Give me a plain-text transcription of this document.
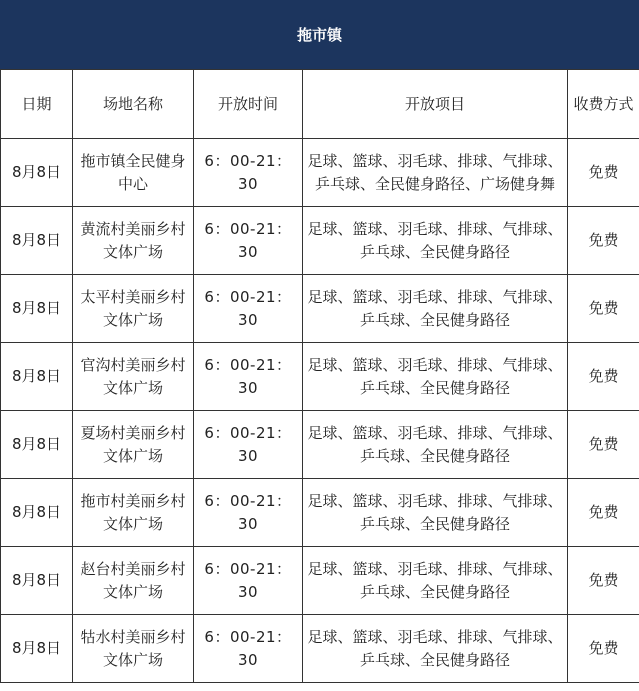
拖市镇
日期	场地名称	开放时间	开放项目	收费方式
8月8日	拖市镇全民健身中心	6：00-21：30	足球、篮球、羽毛球、排球、气排球、乒乓球、全民健身路径、广场健身舞	免费
8月8日	黄流村美丽乡村文体广场	6：00-21：30	足球、篮球、羽毛球、排球、气排球、乒乓球、全民健身路径	免费
8月8日	太平村美丽乡村文体广场	6：00-21：30	足球、篮球、羽毛球、排球、气排球、乒乓球、全民健身路径	免费
8月8日	官沟村美丽乡村文体广场	6：00-21：30	足球、篮球、羽毛球、排球、气排球、乒乓球、全民健身路径	免费
8月8日	夏场村美丽乡村文体广场	6：00-21：30	足球、篮球、羽毛球、排球、气排球、乒乓球、全民健身路径	免费
8月8日	拖市村美丽乡村文体广场	6：00-21：30	足球、篮球、羽毛球、排球、气排球、乒乓球、全民健身路径	免费
8月8日	赵台村美丽乡村文体广场	6：00-21：30	足球、篮球、羽毛球、排球、气排球、乒乓球、全民健身路径	免费
8月8日	牯水村美丽乡村文体广场	6：00-21：30	足球、篮球、羽毛球、排球、气排球、乒乓球、全民健身路径	免费
